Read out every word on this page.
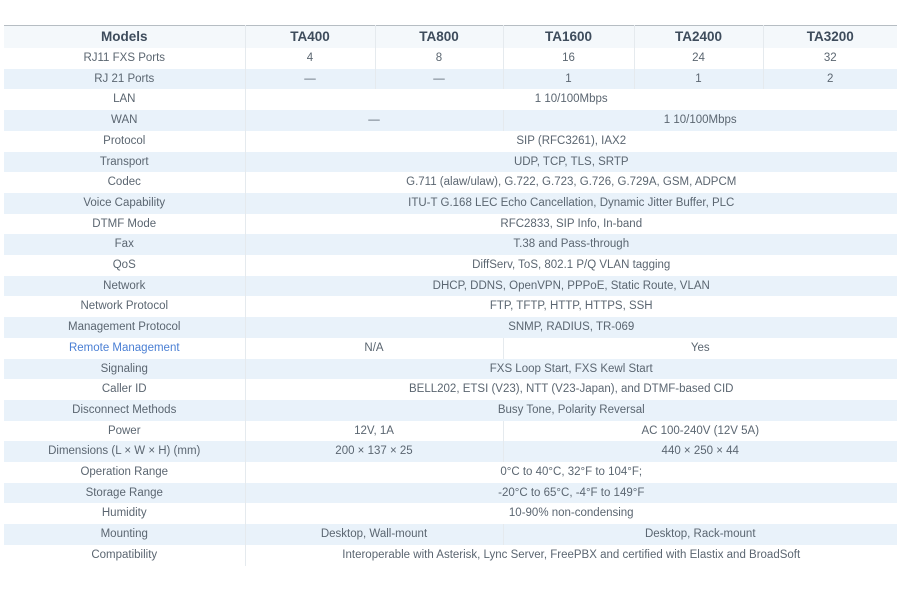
Models	TA400	TA800	TA1600	TA2400	TA3200
RJ11 FXS Ports	4	8	16	24	32
RJ 21 Ports	—	—	1	1	2
LAN	1 10/100Mbps				
WAN	—		1 10/100Mbps		
Protocol	SIP (RFC3261), IAX2				
Transport	UDP, TCP, TLS, SRTP				
Codec	G.711 (alaw/ulaw), G.722, G.723, G.726, G.729A, GSM, ADPCM				
Voice Capability	ITU-T G.168 LEC Echo Cancellation, Dynamic Jitter Buffer, PLC				
DTMF Mode	RFC2833, SIP Info, In-band				
Fax	T.38 and Pass-through				
QoS	DiffServ, ToS, 802.1 P/Q VLAN tagging				
Network	DHCP, DDNS, OpenVPN, PPPoE, Static Route, VLAN				
Network Protocol	FTP, TFTP, HTTP, HTTPS, SSH				
Management Protocol	SNMP, RADIUS, TR-069				
Remote Management	N/A		Yes		
Signaling	FXS Loop Start, FXS Kewl Start				
Caller ID	BELL202, ETSI (V23), NTT (V23-Japan), and DTMF-based CID				
Disconnect Methods	Busy Tone, Polarity Reversal				
Power	12V, 1A		AC 100-240V (12V 5A)		
Dimensions (L × W × H) (mm)	200 × 137 × 25		440 × 250 × 44		
Operation Range	0°C to 40°C, 32°F to 104°F;				
Storage Range	-20°C to 65°C, -4°F to 149°F				
Humidity	10-90% non-condensing				
Mounting	Desktop, Wall-mount		Desktop, Rack-mount		
Compatibility	Interoperable with Asterisk, Lync Server, FreePBX and certified with Elastix and BroadSoft				
